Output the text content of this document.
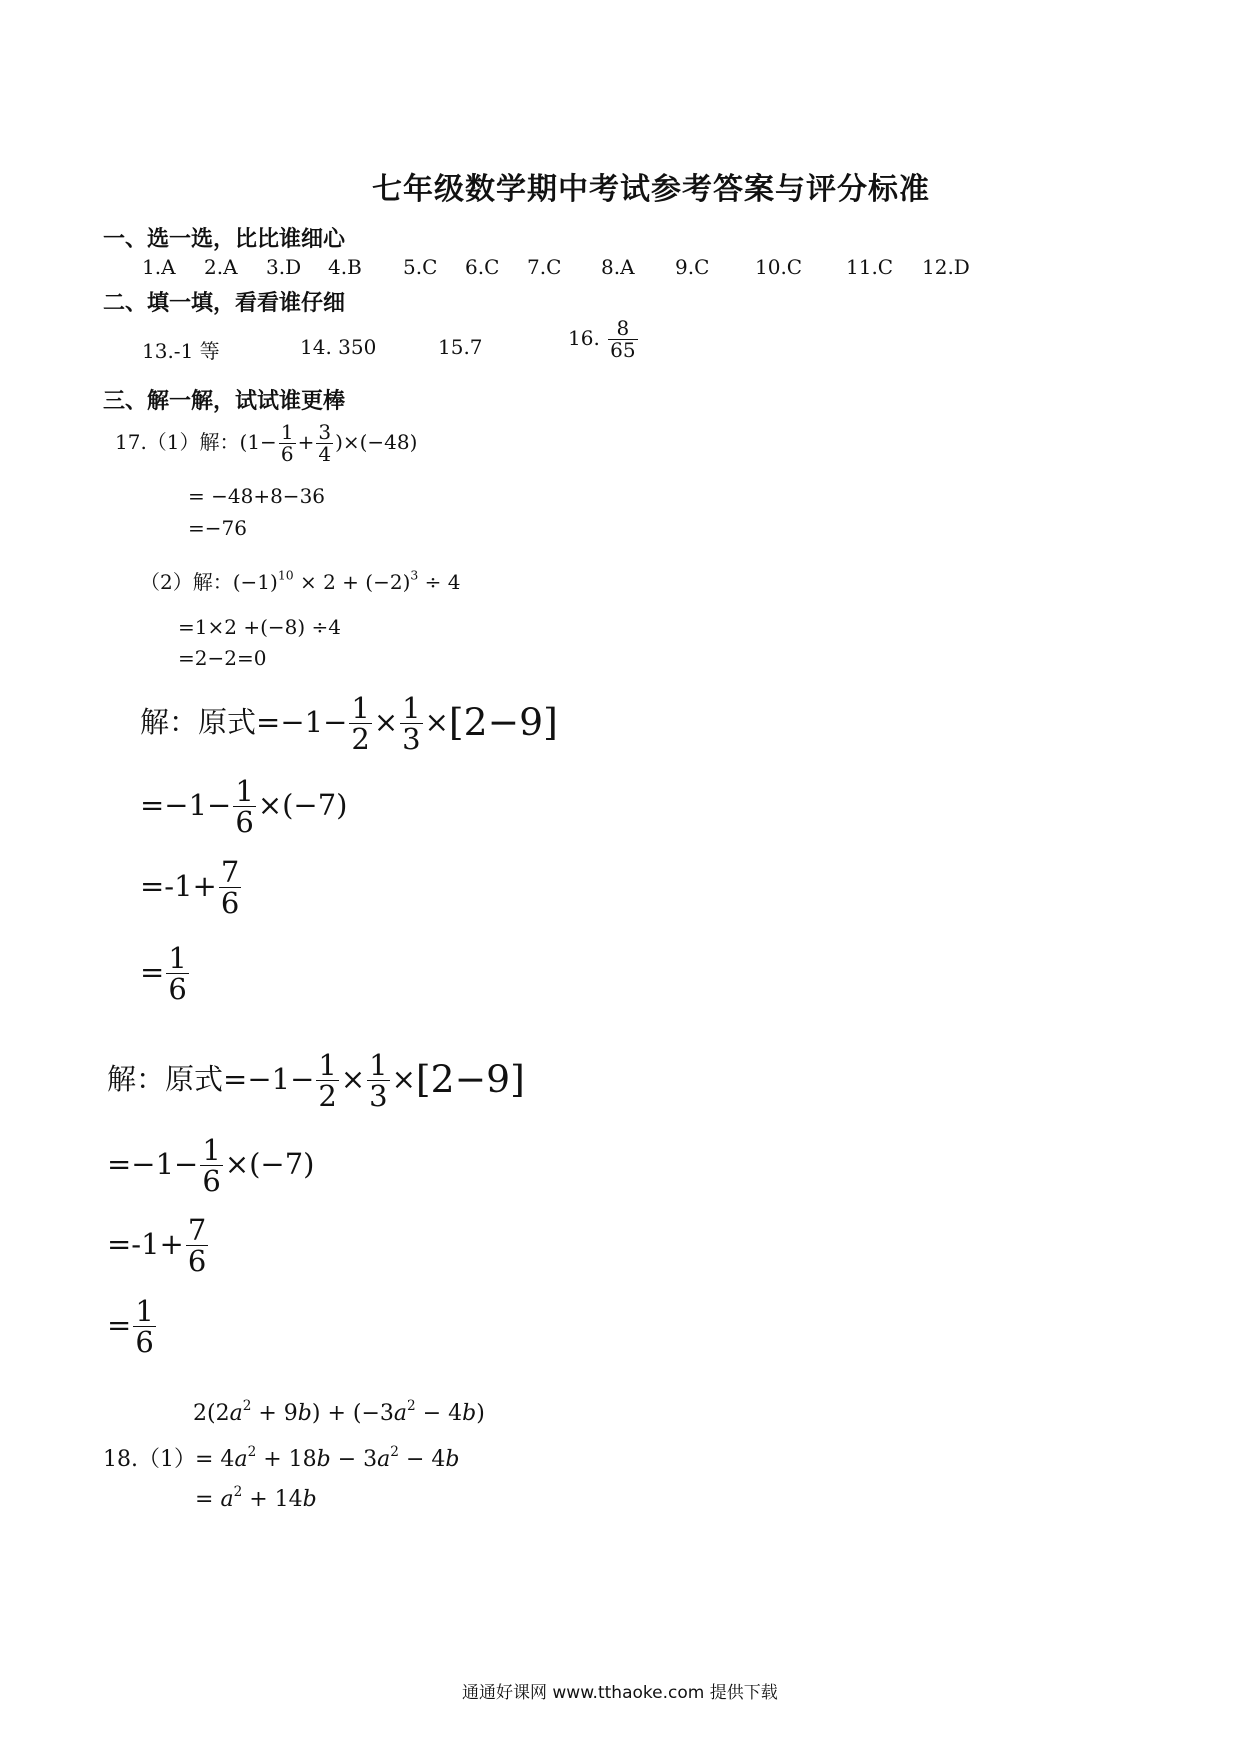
七年级数学期中考试参考答案与评分标准
一、选一选，比比谁细心
1.A 2.A 3.D 4.B 5.C 6.C 7.C 8.A 9.C 10.C 11.C 12.D
二、填一填，看看谁仔细
13.-1 等	14. 350	15.7	16. $\frac{8}{65}$
三、解一解，试试谁更棒
17.（1）解：$(1- \frac{1}{6} + \frac{3}{4} )\times(-48)$
= −48+8−36
=−76
（2）解：$(-1)^{10} \times 2 + (-2)^3 \div 4$
=1×2 +(−8) ÷4
=2−2=0
解：原式$=-1- \frac{1}{2} \times \frac{1}{3} \times[2-9]$
$=-1- \frac{1}{6} \times(-7)$
$=-1+ \frac{7}{6}$
= $\frac{1}{6}$
解：原式$=-1- \frac{1}{2} \times \frac{1}{3} \times[2-9]$
$=-1- \frac{1}{6} \times(-7)$
$=-1+ \frac{7}{6}$
= $\frac{1}{6}$
$2(2a^2 + 9b) + (-3a^2 - 4b)$
$18.(1)= 4a^2 + 18b - 3a^2 - 4b$
= $a^2 + 14b$
通通好课网 www.tthaoke.com 提供下载
